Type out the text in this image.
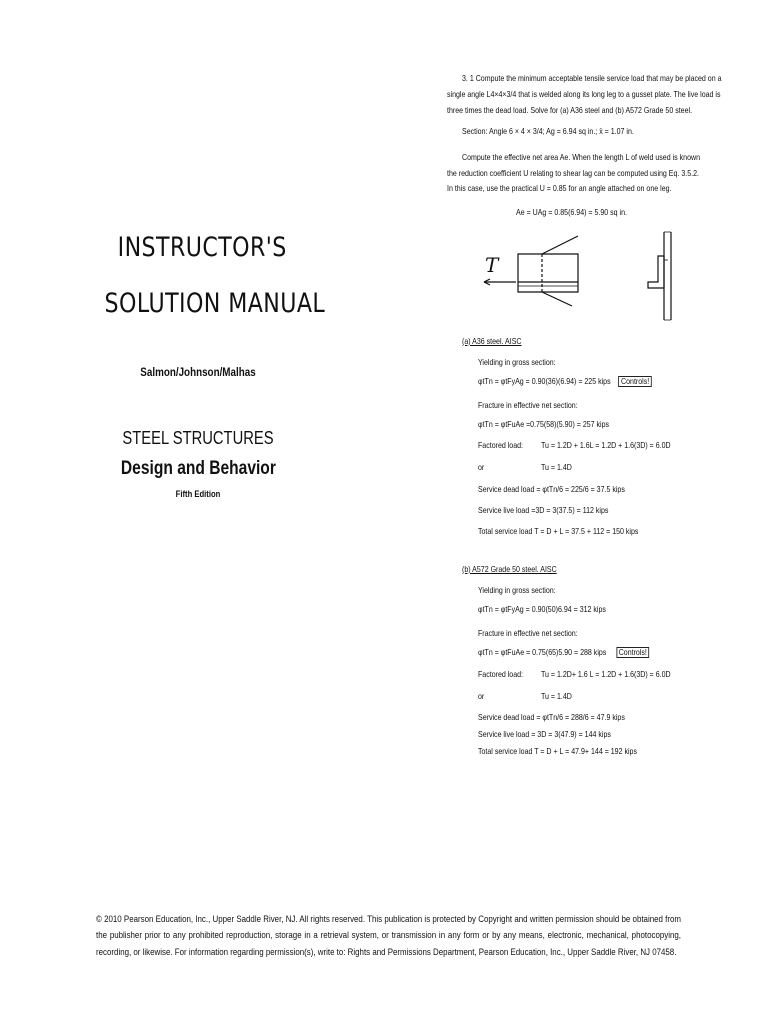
INSTRUCTOR'S
SOLUTION MANUAL
Salmon/Johnson/Malhas
STEEL STRUCTURES
Design and Behavior
Fifth Edition
3. 1 Compute the minimum acceptable tensile service load that may be placed on a
single angle L4×4×3/4 that is welded along its long leg to a gusset plate. The live load is
three times the dead load. Solve for (a) A36 steel and (b) A572 Grade 50 steel.
Section: Angle 6 × 4 × 3/4; Ag = 6.94 sq in.; x̄ = 1.07 in.
Compute the effective net area Ae. When the length L of weld used is known
the reduction coefficient U relating to shear lag can be computed using Eq. 3.5.2.
In this case, use the practical U = 0.85 for an angle attached on one leg.
Ae = UAg = 0.85(6.94) = 5.90 sq in.
T
(a) A36 steel. AISC
Yielding in gross section:
φtTn = φtFyAg = 0.90(36)(6.94) = 225 kips Controls!
Fracture in effective net section:
φtTn = φtFuAe =0.75(58)(5.90) = 257 kips
Factored load: Tu = 1.2D + 1.6L = 1.2D + 1.6(3D) = 6.0D
or	Tu = 1.4D
Service dead load = φtTn/6 = 225/6 = 37.5 kips
Service live load =3D = 3(37.5) = 112 kips
Total service load T = D + L = 37.5 + 112 = 150 kips
(b) A572 Grade 50 steel. AISC
Yielding in gross section:
φtTn = φtFyAg = 0.90(50)6.94 = 312 kips
Fracture in effective net section:
φtTn = φtFuAe = 0.75(65)5.90 = 288 kips Controls!
Factored load: Tu = 1.2D+ 1.6 L = 1.2D + 1.6(3D) = 6.0D
or	Tu = 1.4D
Service dead load = φtTn/6 = 288/6 = 47.9 kips
Service live load = 3D = 3(47.9) = 144 kips
Total service load T = D + L = 47.9+ 144 = 192 kips
© 2010 Pearson Education, Inc., Upper Saddle River, NJ. All rights reserved. This publication is protected by Copyright and written permission should be obtained from the publisher prior to any prohibited reproduction, storage in a retrieval system, or transmission in any form or by any means, electronic, mechanical, photocopying, recording, or likewise. For information regarding permission(s), write to: Rights and Permissions Department, Pearson Education, Inc., Upper Saddle River, NJ 07458.
